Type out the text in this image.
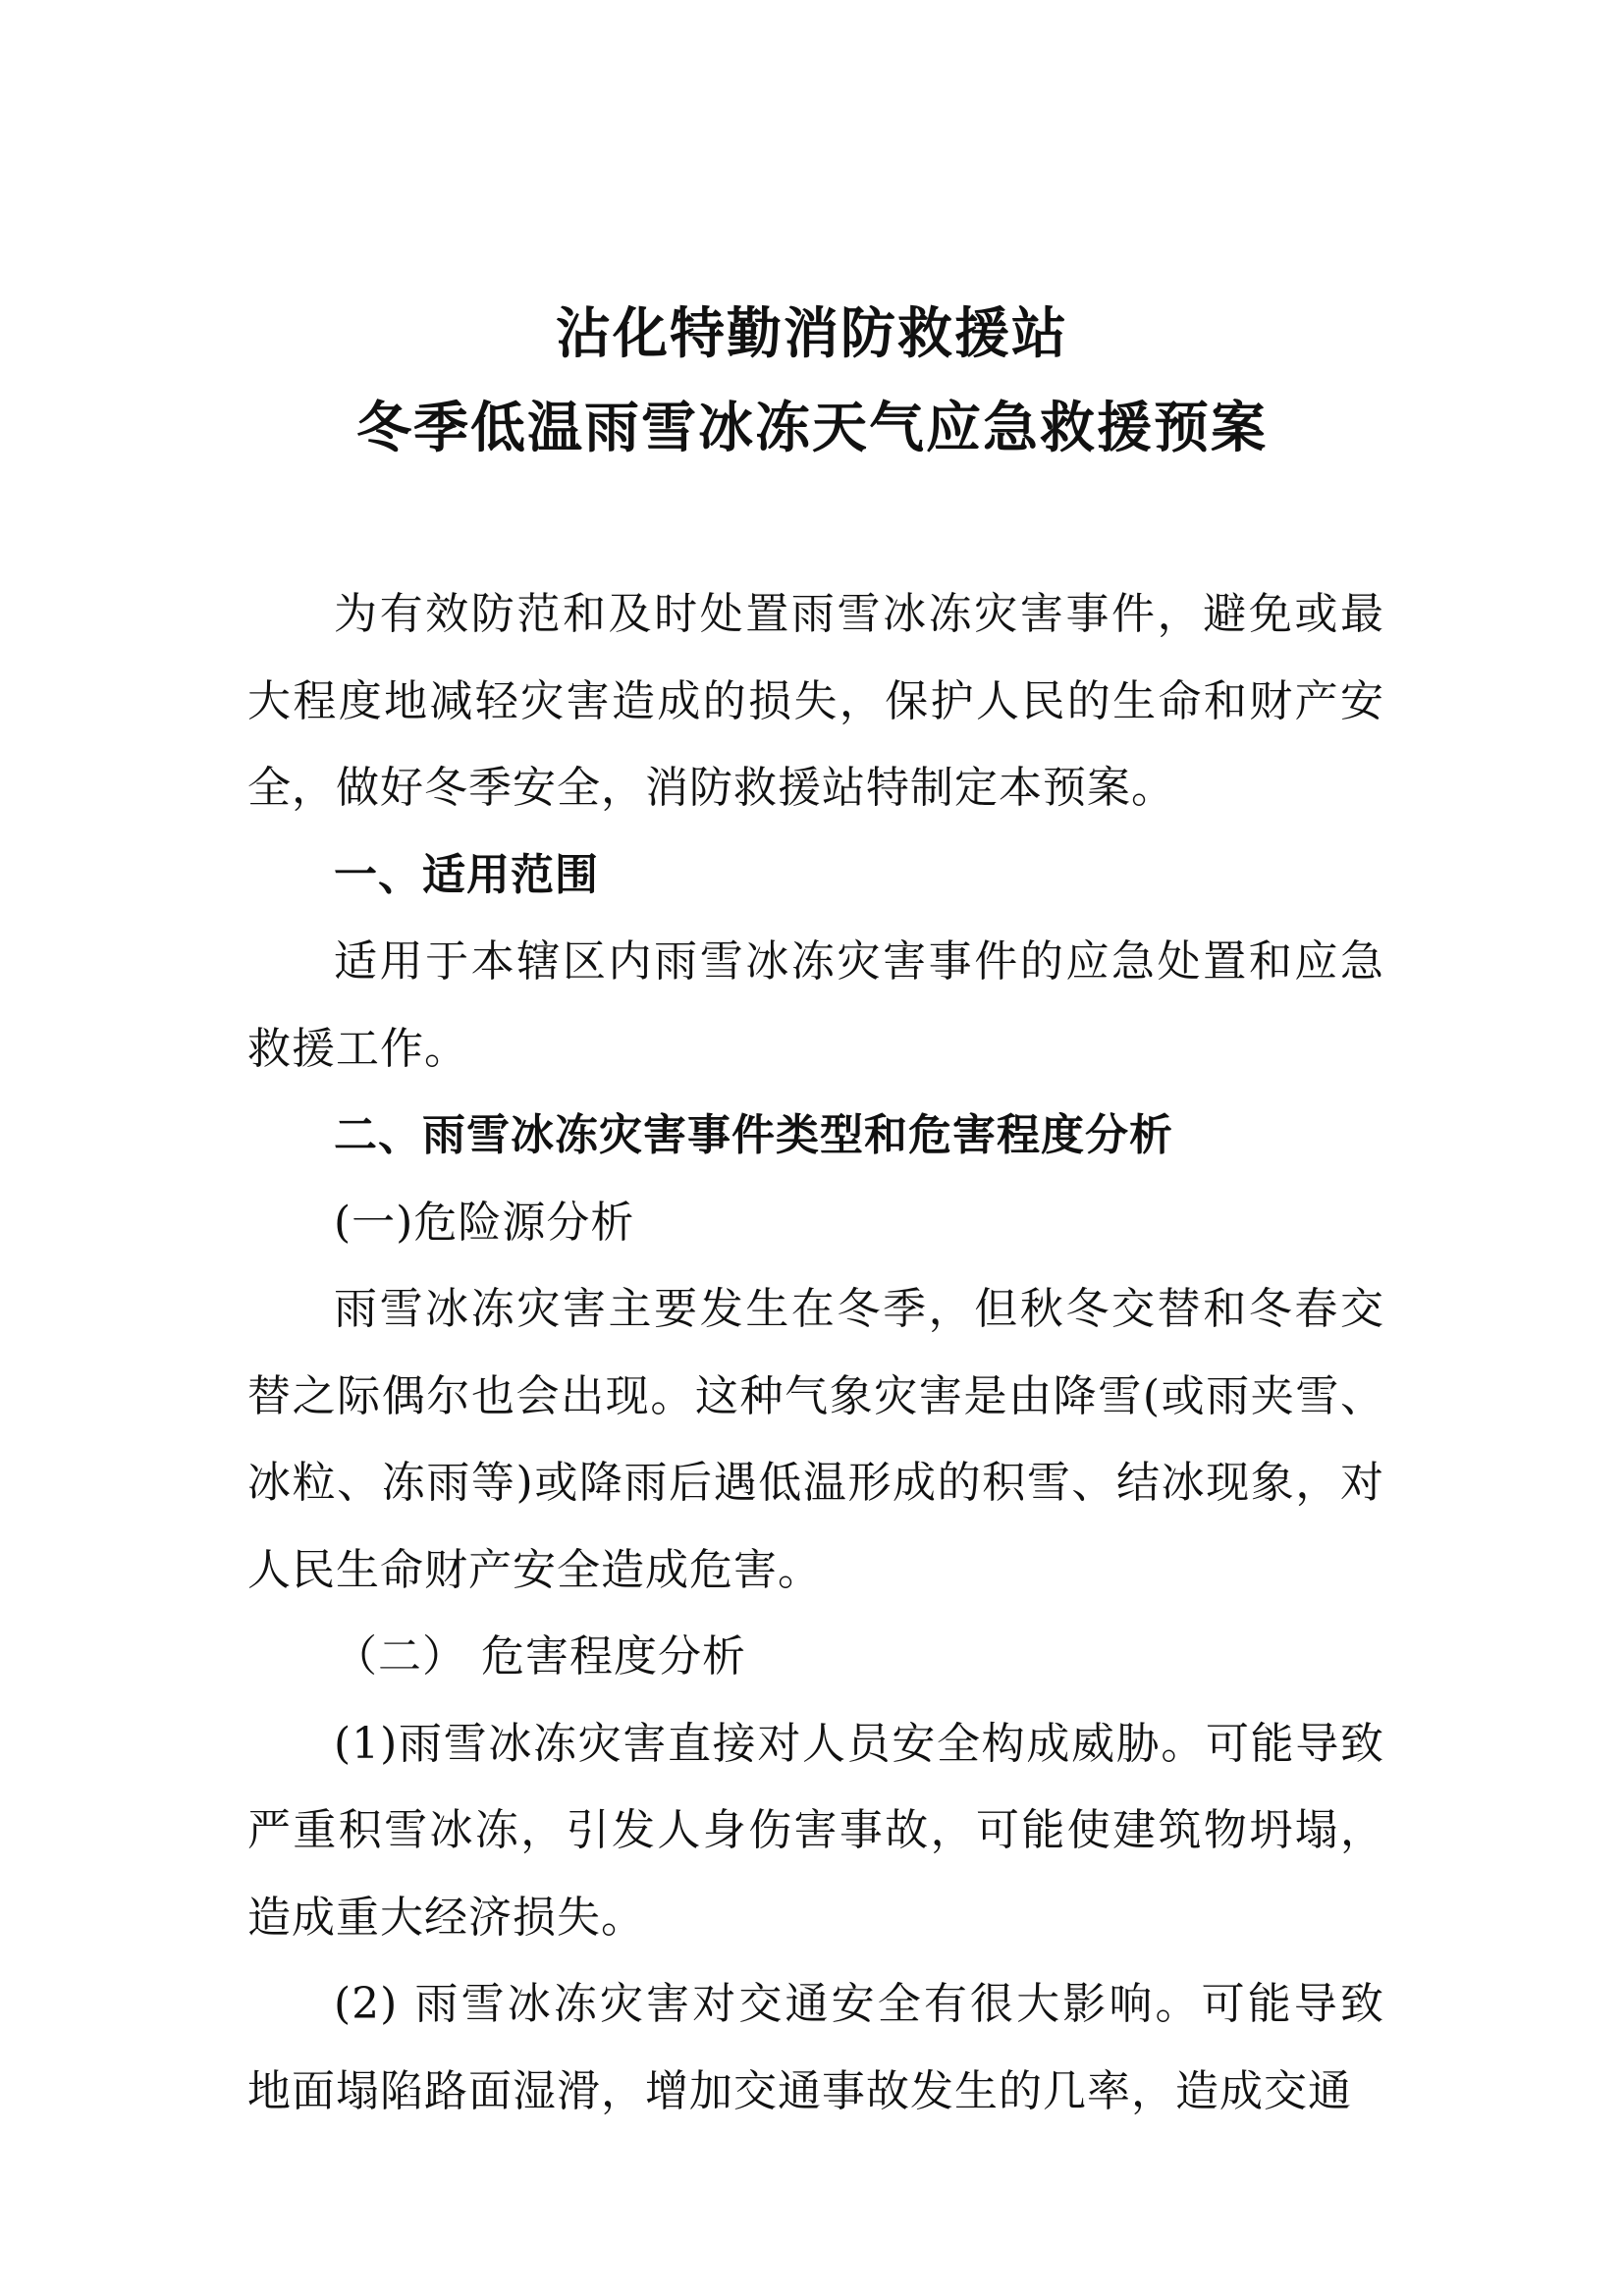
沾化特勤消防救援站
冬季低温雨雪冰冻天气应急救援预案

为有效防范和及时处置雨雪冰冻灾害事件，避免或最大程度地减轻灾害造成的损失，保护人民的生命和财产安全，做好冬季安全，消防救援站特制定本预案。

一、适用范围

适用于本辖区内雨雪冰冻灾害事件的应急处置和应急救援工作。

二、雨雪冰冻灾害事件类型和危害程度分析

(一)危险源分析

雨雪冰冻灾害主要发生在冬季，但秋冬交替和冬春交替之际偶尔也会出现。这种气象灾害是由降雪(或雨夹雪、冰粒、冻雨等)或降雨后遇低温形成的积雪、结冰现象，对人民生命财产安全造成危害。

（二） 危害程度分析

(1)雨雪冰冻灾害直接对人员安全构成威胁。可能导致严重积雪冰冻，引发人身伤害事故，可能使建筑物坍塌，造成重大经济损失。

(2) 雨雪冰冻灾害对交通安全有很大影响。可能导致地面塌陷路面湿滑，增加交通事故发生的几率，造成交通
